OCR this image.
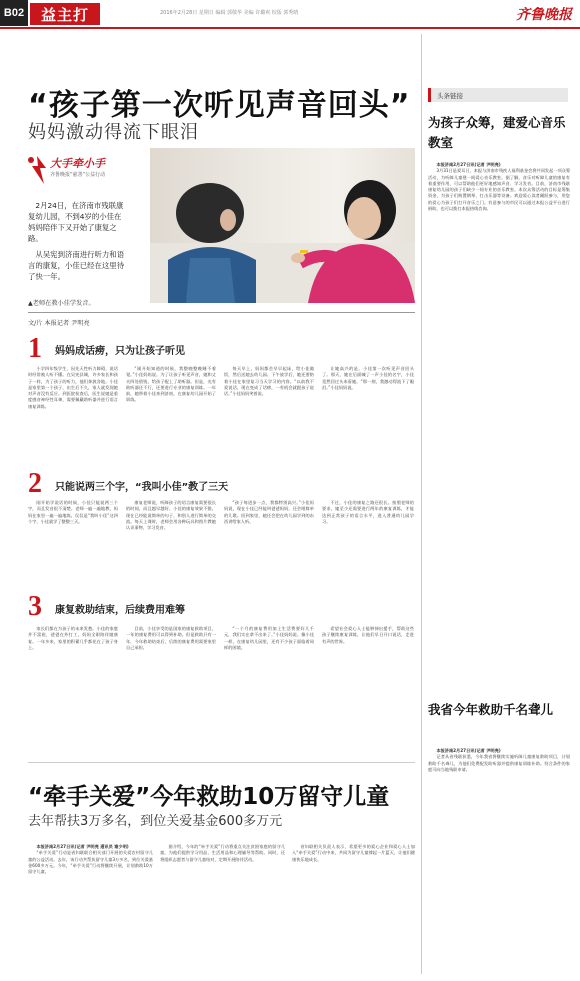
B02 益主打	2016年2月28日 星期日 编辑 郭敬华 美编 许璐爽 校版 郭秀晴	齐鲁晚报
“孩子第一次听见声音回头”
妈妈激动得流下眼泪
大手牵小手
齐鲁晚报“慈善”公益行动

2月24日，在济南市残联康复幼儿园，不到4岁的小佳在妈妈陪伴下又开始了康复之路。

从吴宪到济南进行听力和语言的康复，小佳已经在这里待了快一年。

▲老师在教小佳学发音。
文/片 本报记者 尹明亮
1 妈妈成话痨，只为让孩子听见

小学四年级学生，因先天性听力障碍，说话时经常被人听不懂。在吴宪县城，许多家长和孩子一样，为了孩子的听力，他们奔波各地。小佳是家里第一个孩子，出生后不久，家人就发现她对声音没有反应。到医院检查后，医生说她是重度感音神经性耳聋，需要佩戴助听器并进行语言康复训练。

“刚开始知道的时候，我整晚整晚睡不着觉。”小佳妈妈说。为了让孩子听见声音，她和丈夫四处借钱，给孩子配上了助听器。但是，光有助听器还不行，还要进行专业的康复训练。一年前，她带着小佳来到济南，在康复幼儿园开始了训练。

每天早上，妈妈都会早早起床，给小佳做饭，然后送她去幼儿园。下午放学后，她还要陪着小佳在家里复习当天学习的内容。“以前我不爱说话，现在变成了话痨，一有机会就跟孩子说话。”小佳妈妈笑着说。

让她高兴的是，小佳第一次听见声音回头了。那天，她在后面喊了一声小佳的名字，小佳竟然回过头来看她。“那一刻，我激动得流下了眼泪。”小佳妈妈说。

2 只能说两三个字，“我叫小佳”教了三天

刚开始学说话的时候，小佳只能说两三个字，而且发音很不清楚。老师一遍一遍地教，妈妈在家里一遍一遍地练。仅仅是“我叫小佳”这四个字，小佳就学了整整三天。

康复老师说，听障孩子的语言康复需要很长的时间，而且越早越好。小佳的康复效果不错，现在已经能说简单的句子，和别人进行简单的交流。每天上课时，老师会用各种玩具和图片教她认识事物、学习发音。

“孩子每进步一点，我都特别高兴。”小佳妈妈说，现在小佳已经能叫爸爸妈妈，还会唱简单的儿歌。回到家里，她还会把在幼儿园学到的东西讲给家人听。

不过，小佳的康复之路还很长。按照老师的要求，她至少还需要进行两年的康复训练，才能达到正常孩子的语言水平，进入普通幼儿园学习。

3 康复救助结束，后续费用难筹

家长们都在为孩子的未来发愁。小佳的家庭并不富裕，爸爸在外打工，妈妈全职陪伴她康复。一年多来，家里的积蓄几乎都花在了孩子身上。

目前，小佳享受的是国家的康复救助项目，一年的康复费用可以得到补助。但是救助只有一年，今年救助结束后，后续的康复费用需要家里自己承担。

“一个月的康复费用加上生活费要好几千元，我们实在拿不出来了。”小佳妈妈说。像小佳一样，在康复幼儿园里，还有不少孩子面临着同样的困境。

希望社会爱心人士能够伸出援手，帮助这些孩子继续康复训练，让他们早日开口说话，走进有声的世界。

“牵手关爱”今年救助10万留守儿童
去年帮扶3万多名，到位关爱基金600多万元

本报济南2月27日讯(记者 尹明亮 通讯员 谢少明)

“牵手关爱”行动是省妇联联合相关部门开展的关爱农村留守儿童的公益活动。去年，该行动共帮扶留守儿童3万多名，到位关爱基金600多万元。今年，“牵手关爱”行动将继续开展，计划救助10万留守儿童。

据介绍，今年的“牵手关爱”行动将重点关注贫困家庭的留守儿童，为他们提供学习用品、生活用品和心理辅导等帮助。同时，还将组织志愿者与留守儿童结对，定期开展陪伴活动。

省妇联相关负责人表示，希望更多的爱心企业和爱心人士加入“牵手关爱”行动中来，共同为留守儿童撑起一片蓝天，让他们健康快乐地成长。

头条链接
为孩子众筹，建爱心音乐教室

本报济南2月27日讯(记者 尹明亮)

3月31日是爱耳日，本报与济南市残疾人福利基金会将共同发起一项众筹活动，为听障儿童建一间爱心音乐教室。据了解，音乐对听障儿童的康复有着重要作用，可以帮助他们更好地感知声音、学习发音。目前，济南市残联康复幼儿园的孩子们缺少一间专业的音乐教室。本次众筹活动的目标是筹集资金，为孩子们购置钢琴、打击乐器等设备。欢迎爱心读者踊跃参与，用您的爱心为孩子们打开音乐之门。有意参与的市民可以通过本报公益平台进行捐助，也可以拨打本报热线咨询。

我省今年救助千名聋儿

本报济南2月27日讯(记者 尹明亮)

记者从省残联获悉，今年我省将继续实施听障儿童康复救助项目，计划救助千名聋儿，为他们免费配发助听器并提供康复训练补助。符合条件的家庭可向当地残联申请。
